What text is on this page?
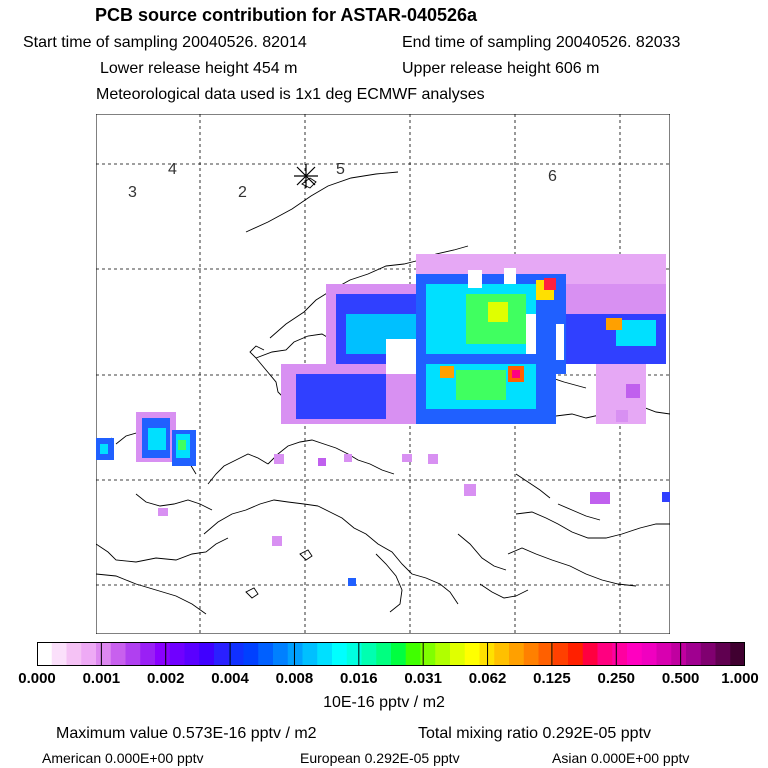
PCB source contribution for ASTAR-040526a
Start time of sampling 20040526. 82014	End time of sampling 20040526. 82033
Lower release height 454 m	Upper release height 606 m
Meteorological data used is 1x1 deg ECMWF analyses
3
4
2
5	6
0.000 0.001 0.002 0.004 0.008 0.016 0.031 0.062 0.125 0.250 0.500 1.000
10E-16 pptv / m2
Maximum value 0.573E-16 pptv / m2	Total mixing ratio 0.292E-05 pptv
American 0.000E+00 pptv	European 0.292E-05 pptv	Asian 0.000E+00 pptv
